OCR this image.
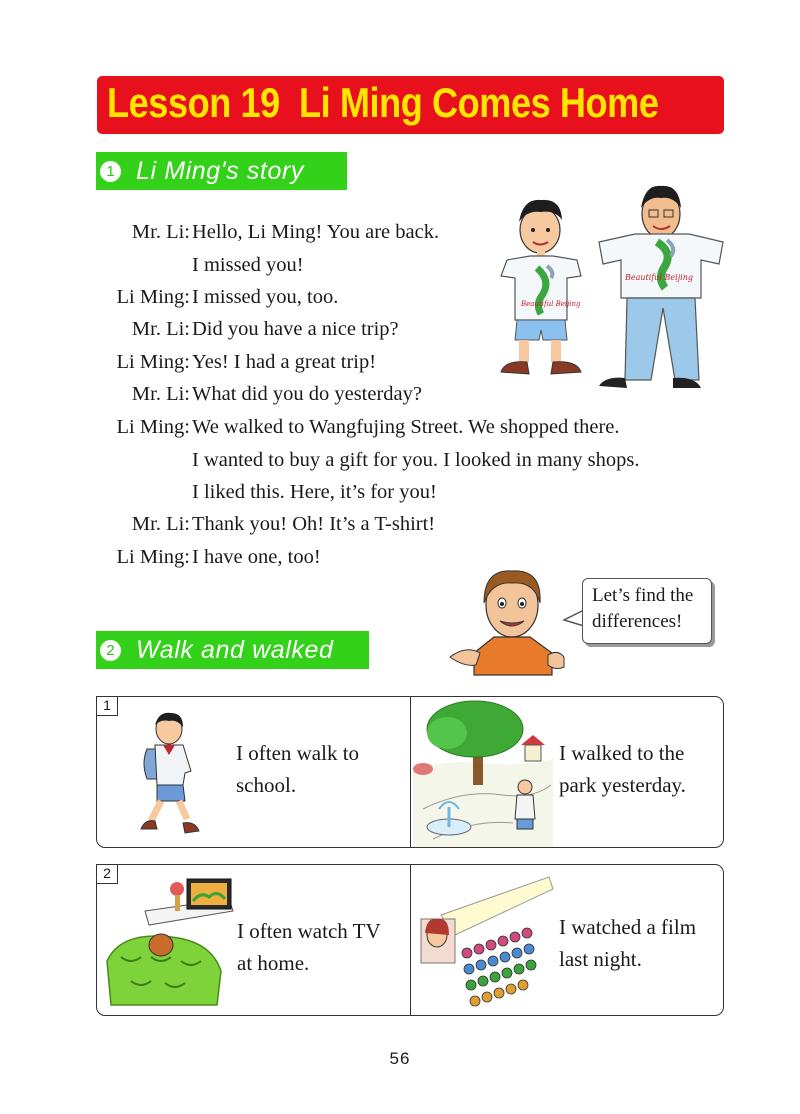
Lesson 19  Li Ming Comes Home
1 Li Ming's story
Mr. Li: Hello, Li Ming! You are back.
I missed you!
Li Ming: I missed you, too.
Mr. Li: Did you have a nice trip?
Li Ming: Yes! I had a great trip!
Mr. Li: What did you do yesterday?
Li Ming: We walked to Wangfujing Street. We shopped there.
I wanted to buy a gift for you. I looked in many shops.
I liked this. Here, it’s for you!
Mr. Li: Thank you! Oh! It’s a T-shirt!
Li Ming: I have one, too!
Beautiful Beijing
Beautiful Beijing
Let’s find the
differences!
2 Walk and walked
1
I often walk to
school.
I walked to the
park yesterday.
2
I often watch TV
at home.
I watched a film
last night.
56
